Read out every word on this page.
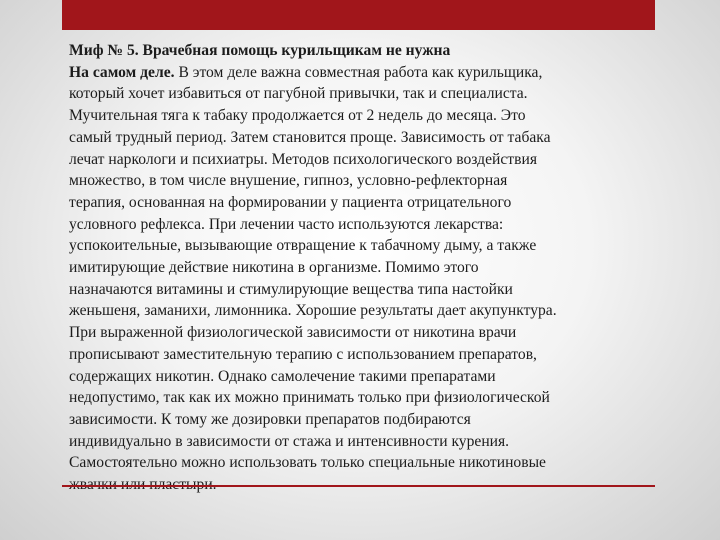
Миф № 5. Врачебная помощь курильщикам не нужна
На самом деле. В этом деле важна совместная работа как курильщика,
который хочет избавиться от пагубной привычки, так и специалиста.
Мучительная тяга к табаку продолжается от 2 недель до месяца. Это
самый трудный период. Затем становится проще. Зависимость от табака
лечат наркологи и психиатры. Методов психологического воздействия
множество, в том числе внушение, гипноз, условно-рефлекторная
терапия, основанная на формировании у пациента отрицательного
условного рефлекса. При лечении часто используются лекарства:
успокоительные, вызывающие отвращение к табачному дыму, а также
имитирующие действие никотина в организме. Помимо этого
назначаются витамины и стимулирующие вещества типа настойки
женьшеня, заманихи, лимонника. Хорошие результаты дает акупунктура.
При выраженной физиологической зависимости от никотина врачи
прописывают заместительную терапию с использованием препаратов,
содержащих никотин. Однако самолечение такими препаратами
недопустимо, так как их можно принимать только при физиологической
зависимости. К тому же дозировки препаратов подбираются
индивидуально в зависимости от стажа и интенсивности курения.
Самостоятельно можно использовать только специальные никотиновые
